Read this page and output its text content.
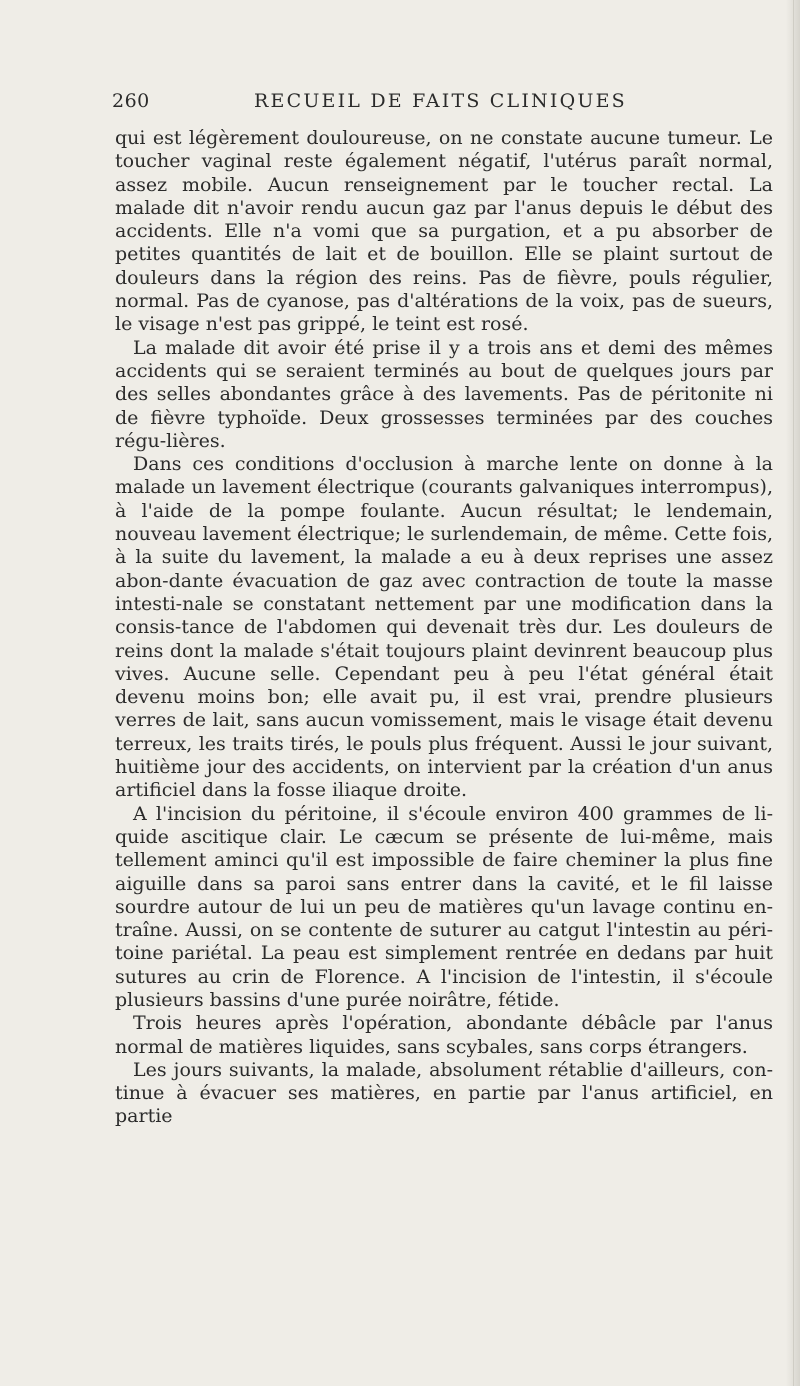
260	RECUEIL DE FAITS CLINIQUES

qui est légèrement douloureuse, on ne constate aucune tumeur. Le toucher vaginal reste également négatif, l'utérus paraît normal, assez mobile. Aucun renseignement par le toucher rectal. La malade dit n'avoir rendu aucun gaz par l'anus depuis le début des accidents. Elle n'a vomi que sa purgation, et a pu absorber de petites quantités de lait et de bouillon. Elle se plaint surtout de douleurs dans la région des reins. Pas de fièvre, pouls régulier, normal. Pas de cyanose, pas d'altérations de la voix, pas de sueurs, le visage n'est pas grippé, le teint est rosé.

La malade dit avoir été prise il y a trois ans et demi des mêmes accidents qui se seraient terminés au bout de quelques jours par des selles abondantes grâce à des lavements. Pas de péritonite ni de fièvre typhoïde. Deux grossesses terminées par des couches régu-lières.

Dans ces conditions d'occlusion à marche lente on donne à la malade un lavement électrique (courants galvaniques interrompus), à l'aide de la pompe foulante. Aucun résultat; le lendemain, nouveau lavement électrique; le surlendemain, de même. Cette fois, à la suite du lavement, la malade a eu à deux reprises une assez abon-dante évacuation de gaz avec contraction de toute la masse intesti-nale se constatant nettement par une modification dans la consis-tance de l'abdomen qui devenait très dur. Les douleurs de reins dont la malade s'était toujours plaint devinrent beaucoup plus vives. Aucune selle. Cependant peu à peu l'état général était devenu moins bon; elle avait pu, il est vrai, prendre plusieurs verres de lait, sans aucun vomissement, mais le visage était devenu terreux, les traits tirés, le pouls plus fréquent. Aussi le jour suivant, huitième jour des accidents, on intervient par la création d'un anus artificiel dans la fosse iliaque droite.

A l'incision du péritoine, il s'écoule environ 400 grammes de li-quide ascitique clair. Le cæcum se présente de lui-même, mais tellement aminci qu'il est impossible de faire cheminer la plus fine aiguille dans sa paroi sans entrer dans la cavité, et le fil laisse sourdre autour de lui un peu de matières qu'un lavage continu en-traîne. Aussi, on se contente de suturer au catgut l'intestin au péri-toine pariétal. La peau est simplement rentrée en dedans par huit sutures au crin de Florence. A l'incision de l'intestin, il s'écoule plusieurs bassins d'une purée noirâtre, fétide.

Trois heures après l'opération, abondante débâcle par l'anus normal de matières liquides, sans scybales, sans corps étrangers.

Les jours suivants, la malade, absolument rétablie d'ailleurs, con-tinue à évacuer ses matières, en partie par l'anus artificiel, en partie
